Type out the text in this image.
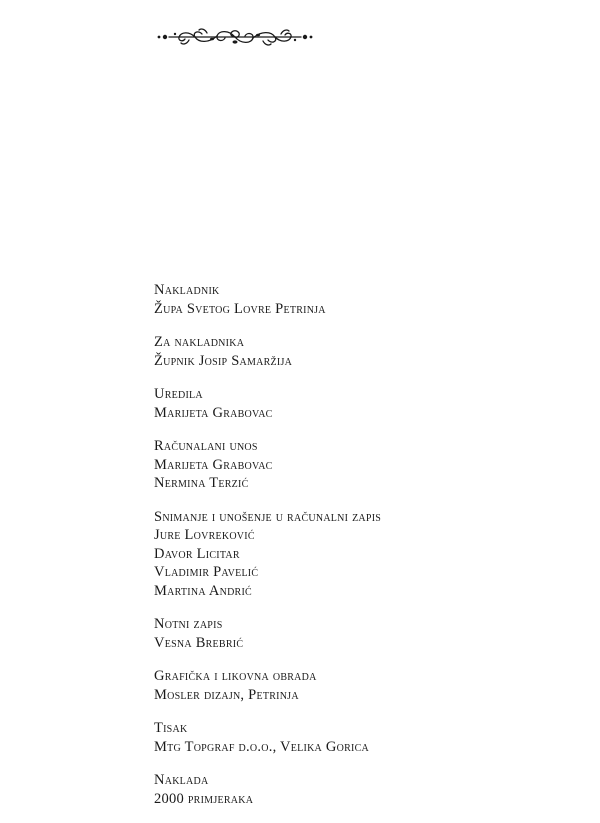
Nakladnik
Župa Svetog Lovre Petrinja
Za nakladnika
Župnik Josip Samaržija
Uredila
Marijeta Grabovac
Računalani unos
Marijeta Grabovac
Nermina Terzić
Snimanje i unošenje u računalni zapis
Jure Lovreković
Davor Licitar
Vladimir Pavelić
Martina Andrić
Notni zapis
Vesna Brebrić
Grafička i likovna obrada
Mosler dizajn, Petrinja
Tisak
Mtg Topgraf d.o.o., Velika Gorica
Naklada
2000 primjeraka
